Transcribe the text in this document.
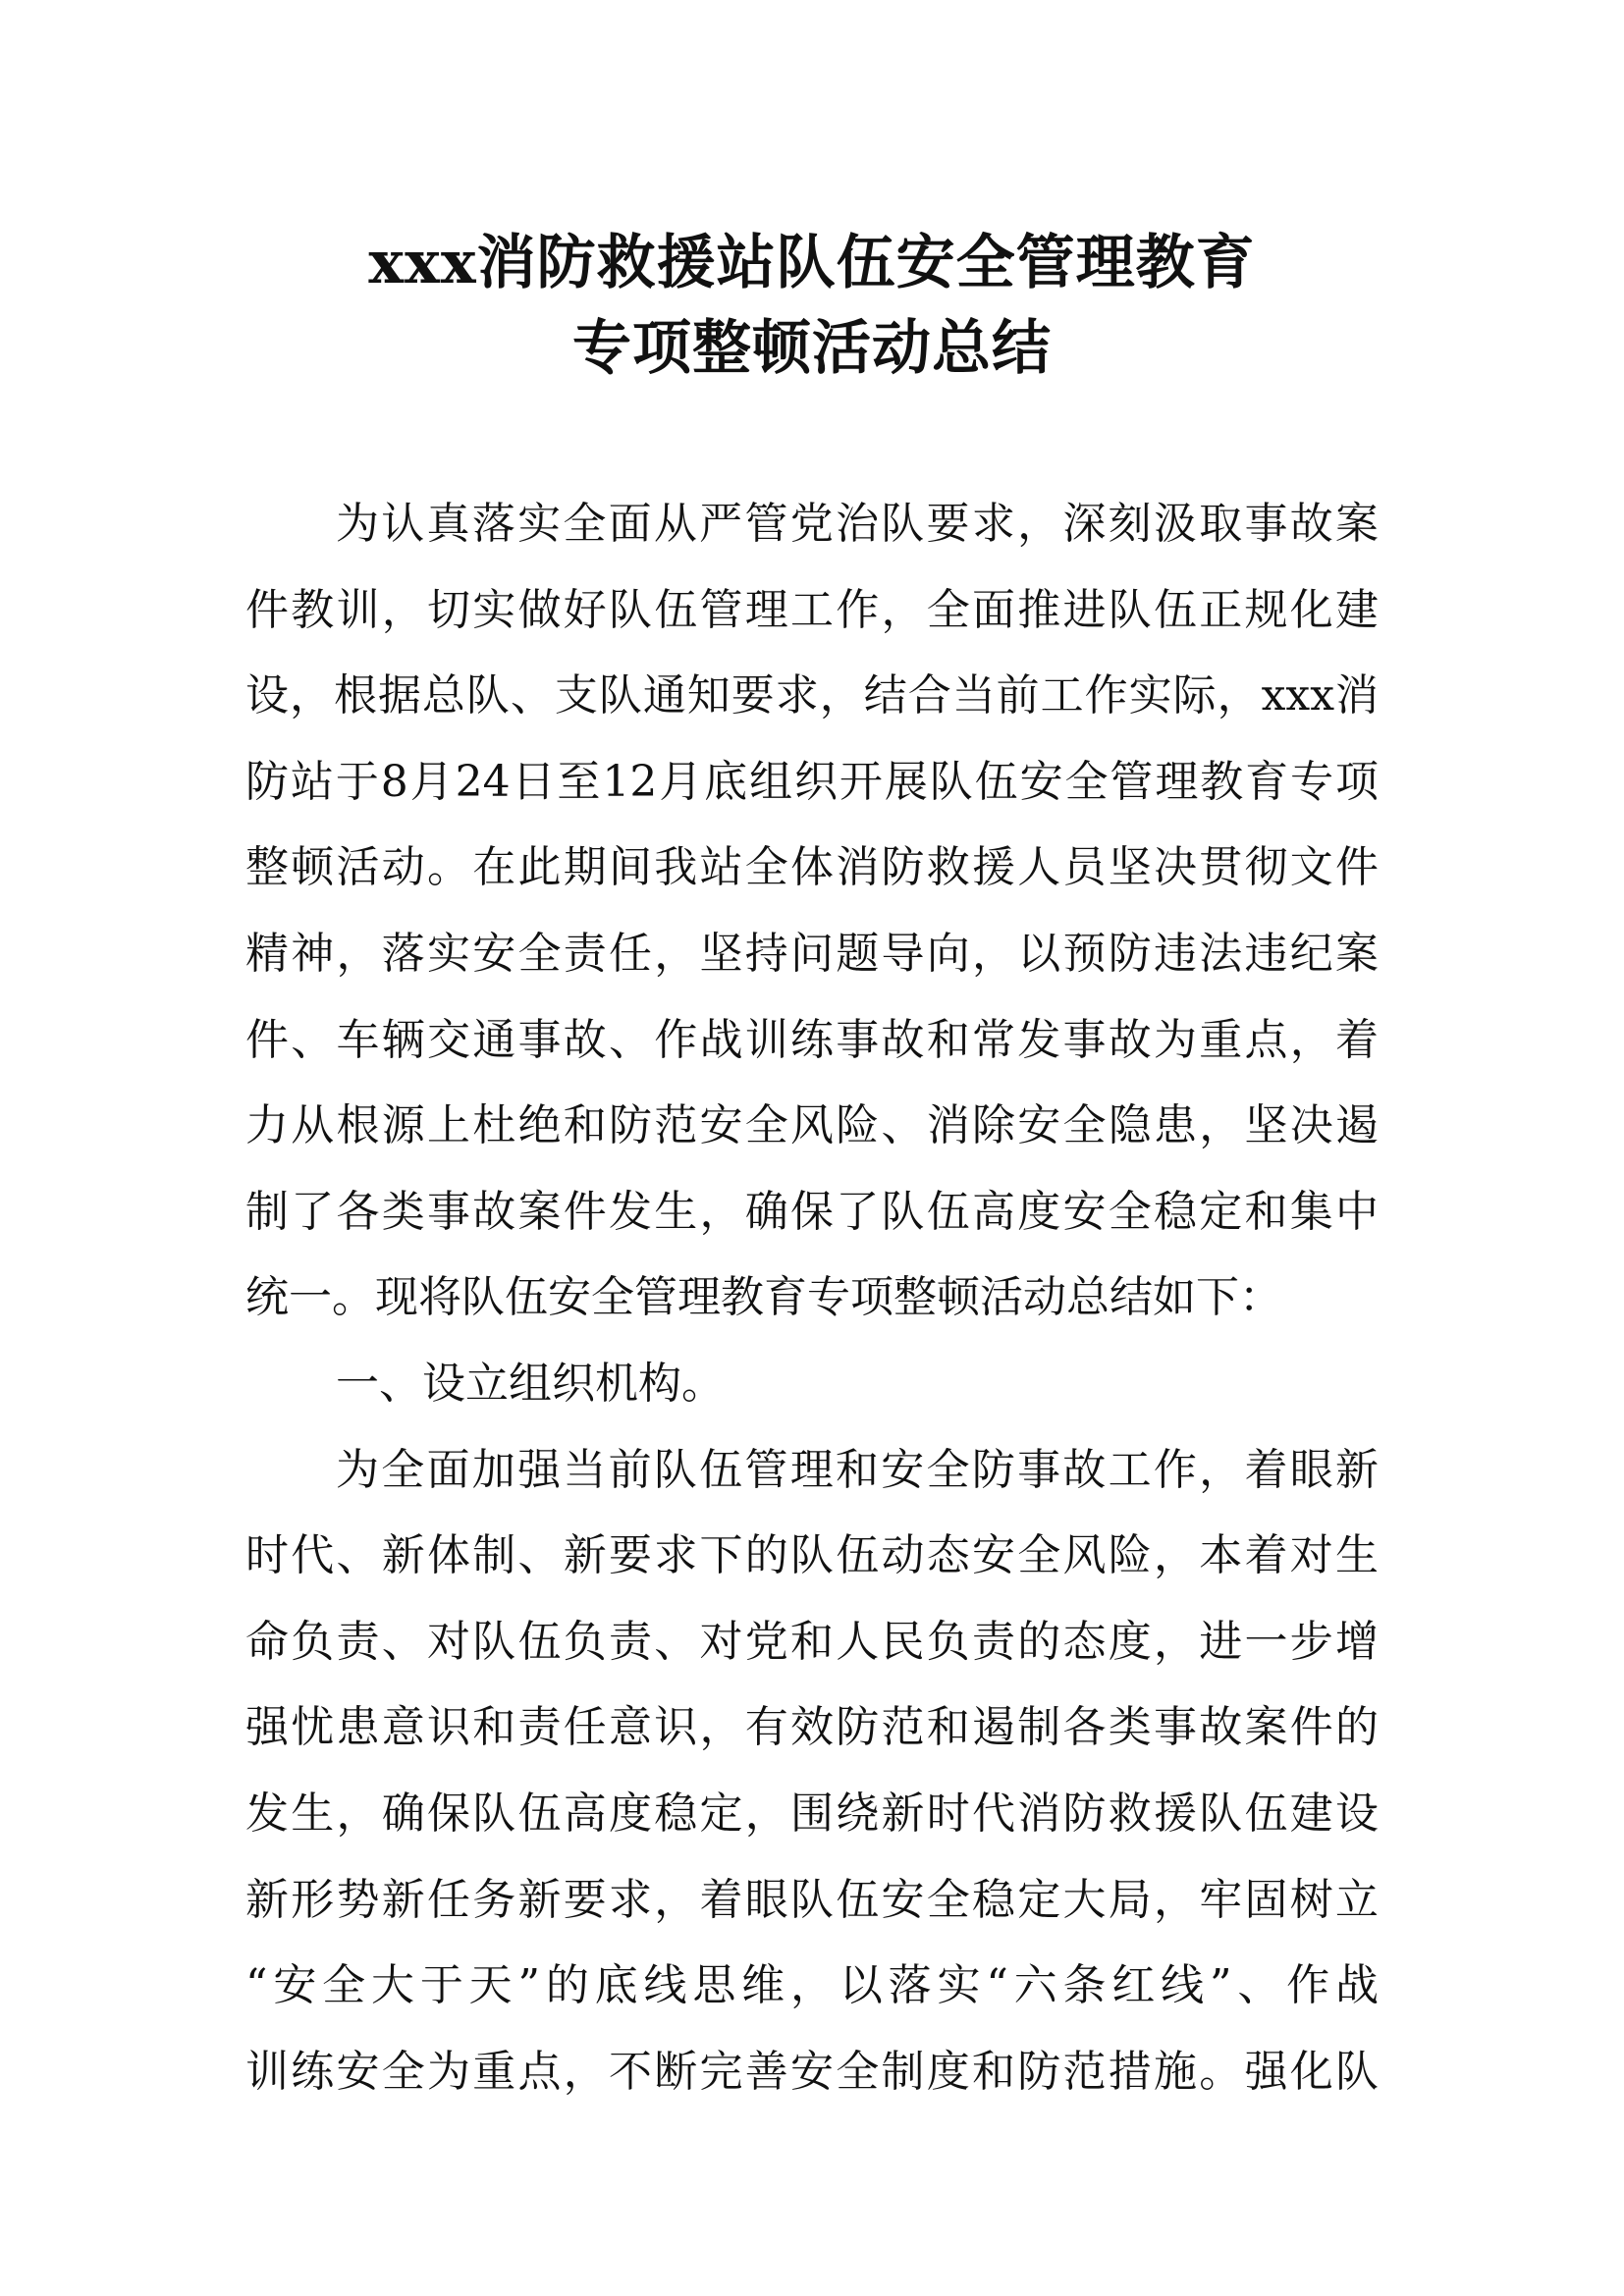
xxx消防救援站队伍安全管理教育
专项整顿活动总结
为认真落实全面从严管党治队要求，深刻汲取事故案
件教训，切实做好队伍管理工作，全面推进队伍正规化建
设，根据总队、支队通知要求，结合当前工作实际，xxx消
防站于8月24日至12月底组织开展队伍安全管理教育专项
整顿活动。在此期间我站全体消防救援人员坚决贯彻文件
精神，落实安全责任，坚持问题导向，以预防违法违纪案
件、车辆交通事故、作战训练事故和常发事故为重点，着
力从根源上杜绝和防范安全风险、消除安全隐患，坚决遏
制了各类事故案件发生，确保了队伍高度安全稳定和集中
统一。现将队伍安全管理教育专项整顿活动总结如下：
一、设立组织机构。
为全面加强当前队伍管理和安全防事故工作，着眼新
时代、新体制、新要求下的队伍动态安全风险，本着对生
命负责、对队伍负责、对党和人民负责的态度，进一步增
强忧患意识和责任意识，有效防范和遏制各类事故案件的
发生，确保队伍高度稳定，围绕新时代消防救援队伍建设
新形势新任务新要求，着眼队伍安全稳定大局，牢固树立
“安全大于天”的底线思维，以落实“六条红线”、作战
训练安全为重点，不断完善安全制度和防范措施。强化队
